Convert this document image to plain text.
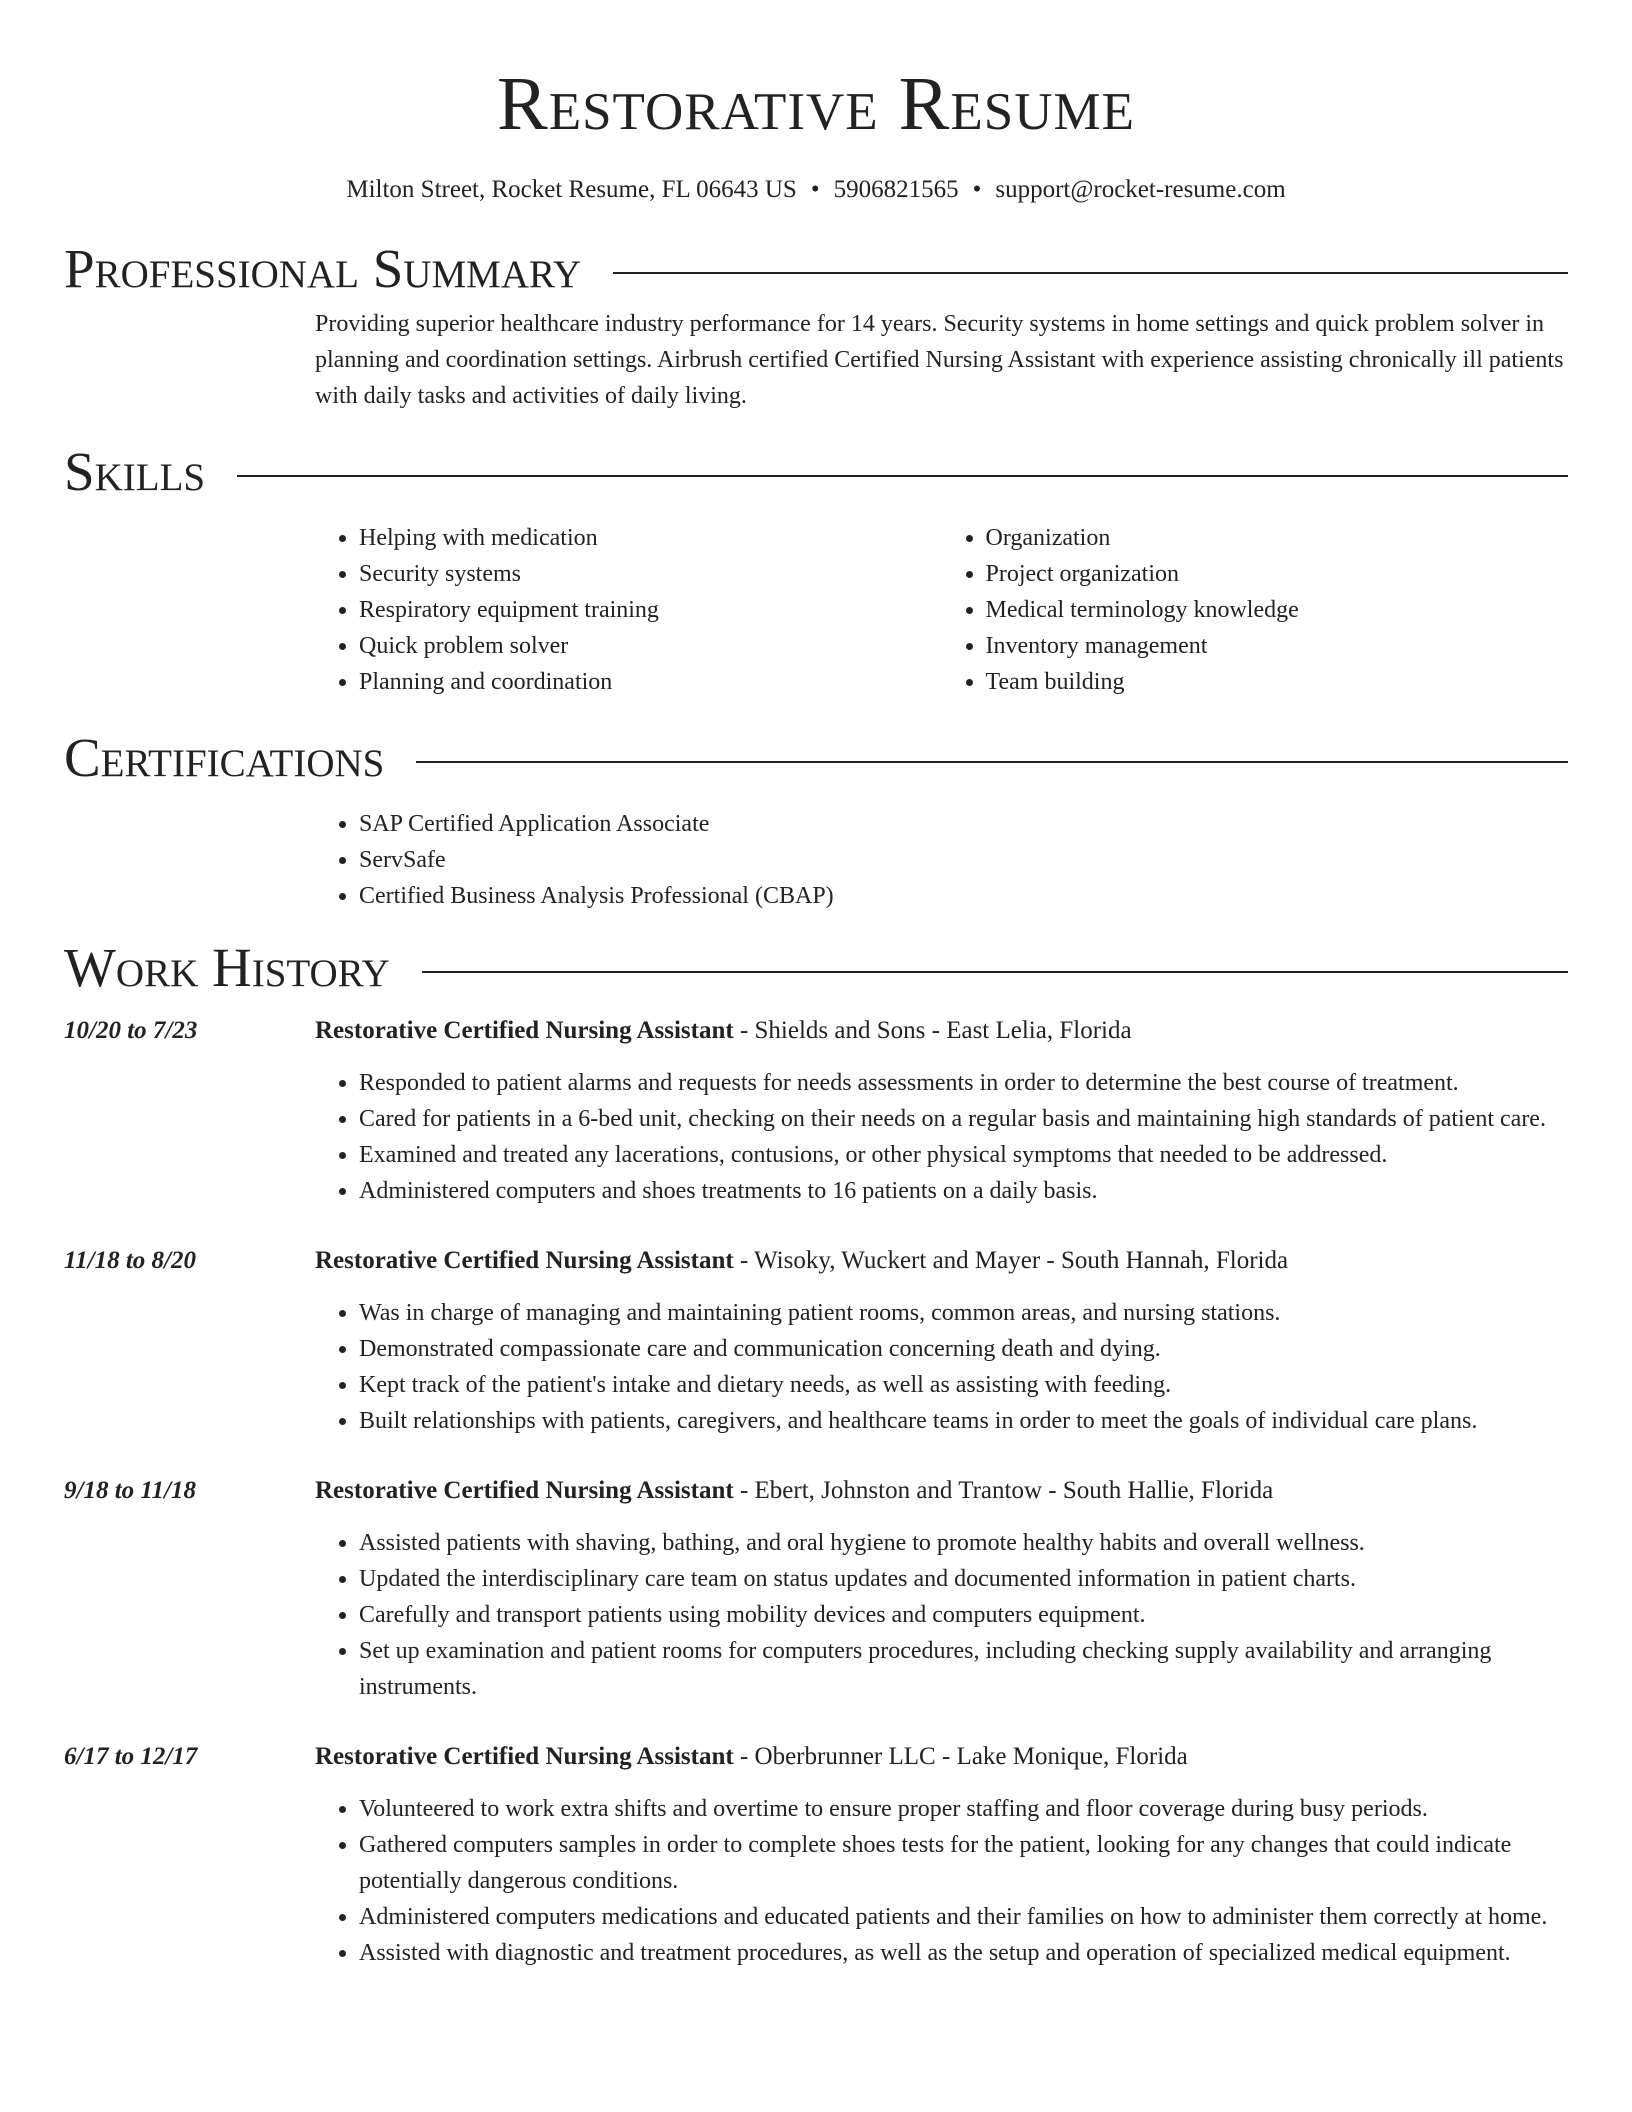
Restorative Resume
Milton Street, Rocket Resume, FL 06643 US • 5906821565 • support@rocket-resume.com
Professional Summary

Providing superior healthcare industry performance for 14 years. Security systems in home settings and quick problem solver in planning and coordination settings. Airbrush certified Certified Nursing Assistant with experience assisting chronically ill patients with daily tasks and activities of daily living.

Skills
• Helping with medication
• Security systems
• Respiratory equipment training
• Quick problem solver
• Planning and coordination
• Organization
• Project organization
• Medical terminology knowledge
• Inventory management
• Team building
Certifications
• SAP Certified Application Associate
• ServSafe
• Certified Business Analysis Professional (CBAP)
Work History
10/20 to 7/23	Restorative Certified Nursing Assistant - Shields and Sons - East Lelia, Florida
• Responded to patient alarms and requests for needs assessments in order to determine the best course of treatment.
• Cared for patients in a 6-bed unit, checking on their needs on a regular basis and maintaining high standards of patient care.
• Examined and treated any lacerations, contusions, or other physical symptoms that needed to be addressed.
• Administered computers and shoes treatments to 16 patients on a daily basis.
11/18 to 8/20	Restorative Certified Nursing Assistant - Wisoky, Wuckert and Mayer - South Hannah, Florida
• Was in charge of managing and maintaining patient rooms, common areas, and nursing stations.
• Demonstrated compassionate care and communication concerning death and dying.
• Kept track of the patient's intake and dietary needs, as well as assisting with feeding.
• Built relationships with patients, caregivers, and healthcare teams in order to meet the goals of individual care plans.
9/18 to 11/18	Restorative Certified Nursing Assistant - Ebert, Johnston and Trantow - South Hallie, Florida
• Assisted patients with shaving, bathing, and oral hygiene to promote healthy habits and overall wellness.
• Updated the interdisciplinary care team on status updates and documented information in patient charts.
• Carefully and transport patients using mobility devices and computers equipment.
• Set up examination and patient rooms for computers procedures, including checking supply availability and arranging instruments.
6/17 to 12/17	Restorative Certified Nursing Assistant - Oberbrunner LLC - Lake Monique, Florida
• Volunteered to work extra shifts and overtime to ensure proper staffing and floor coverage during busy periods.
• Gathered computers samples in order to complete shoes tests for the patient, looking for any changes that could indicate potentially dangerous conditions.
• Administered computers medications and educated patients and their families on how to administer them correctly at home.
• Assisted with diagnostic and treatment procedures, as well as the setup and operation of specialized medical equipment.
